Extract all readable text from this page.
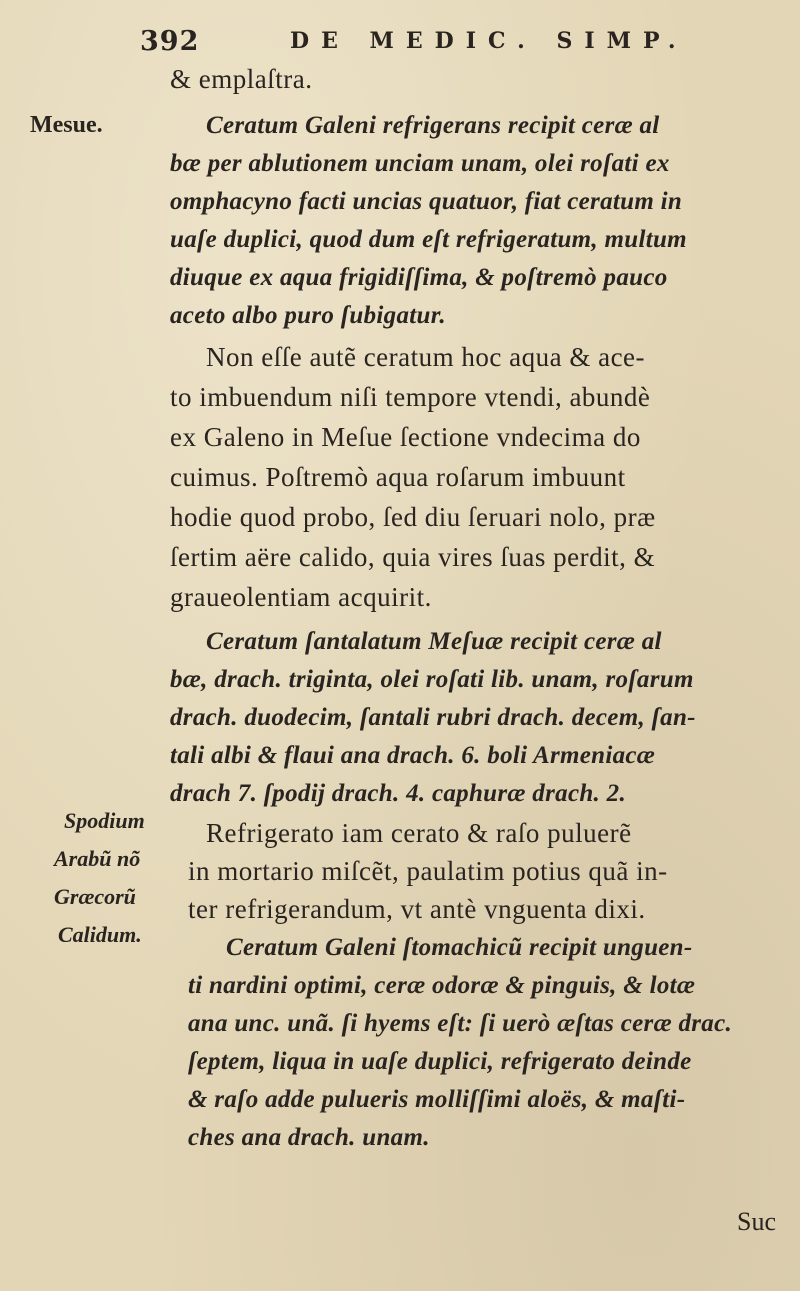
392	DE MEDIC. SIMP.
Mesue.
Spodium
Arabũ nõ
Græcorũ
Calidum.
& emplaſtra.
Ceratum Galeni refrigerans recipit ceræ al
bæ per ablutionem unciam unam, olei roſati ex
omphacyno facti uncias quatuor, fiat ceratum in
uaſe duplici, quod dum eſt refrigeratum, multum
diuque ex aqua frigidiſſima, & poſtremò pauco
aceto albo puro ſubigatur.
Non eſſe autẽ ceratum hoc aqua & ace-
to imbuendum niſi tempore vtendi, abundè
ex Galeno in Meſue ſectione vndecima do
cuimus. Poſtremò aqua roſarum imbuunt
hodie quod probo, ſed diu ſeruari nolo, præ
ſertim aëre calido, quia vires ſuas perdit, &
graueolentiam acquirit.
Ceratum ſantalatum Meſuæ recipit ceræ al
bæ, drach. triginta, olei roſati lib. unam, roſarum
drach. duodecim, ſantali rubri drach. decem, ſan-
tali albi & flaui ana drach. 6. boli Armeniacæ
drach 7. ſpodij drach. 4. caphuræ drach. 2.
Refrigerato iam cerato & raſo puluerẽ
in mortario miſcẽt, paulatim potius quã in-
ter refrigerandum, vt antè vnguenta dixi.
Ceratum Galeni ſtomachicũ recipit unguen-
ti nardini optimi, ceræ odoræ & pinguis, & lotæ
ana unc. unã. ſi hyems eſt: ſi uerò æſtas ceræ drac.
ſeptem, liqua in uaſe duplici, refrigerato deinde
& raſo adde pulueris molliſſimi aloës, & maſti-
ches ana drach. unam.
Suc
